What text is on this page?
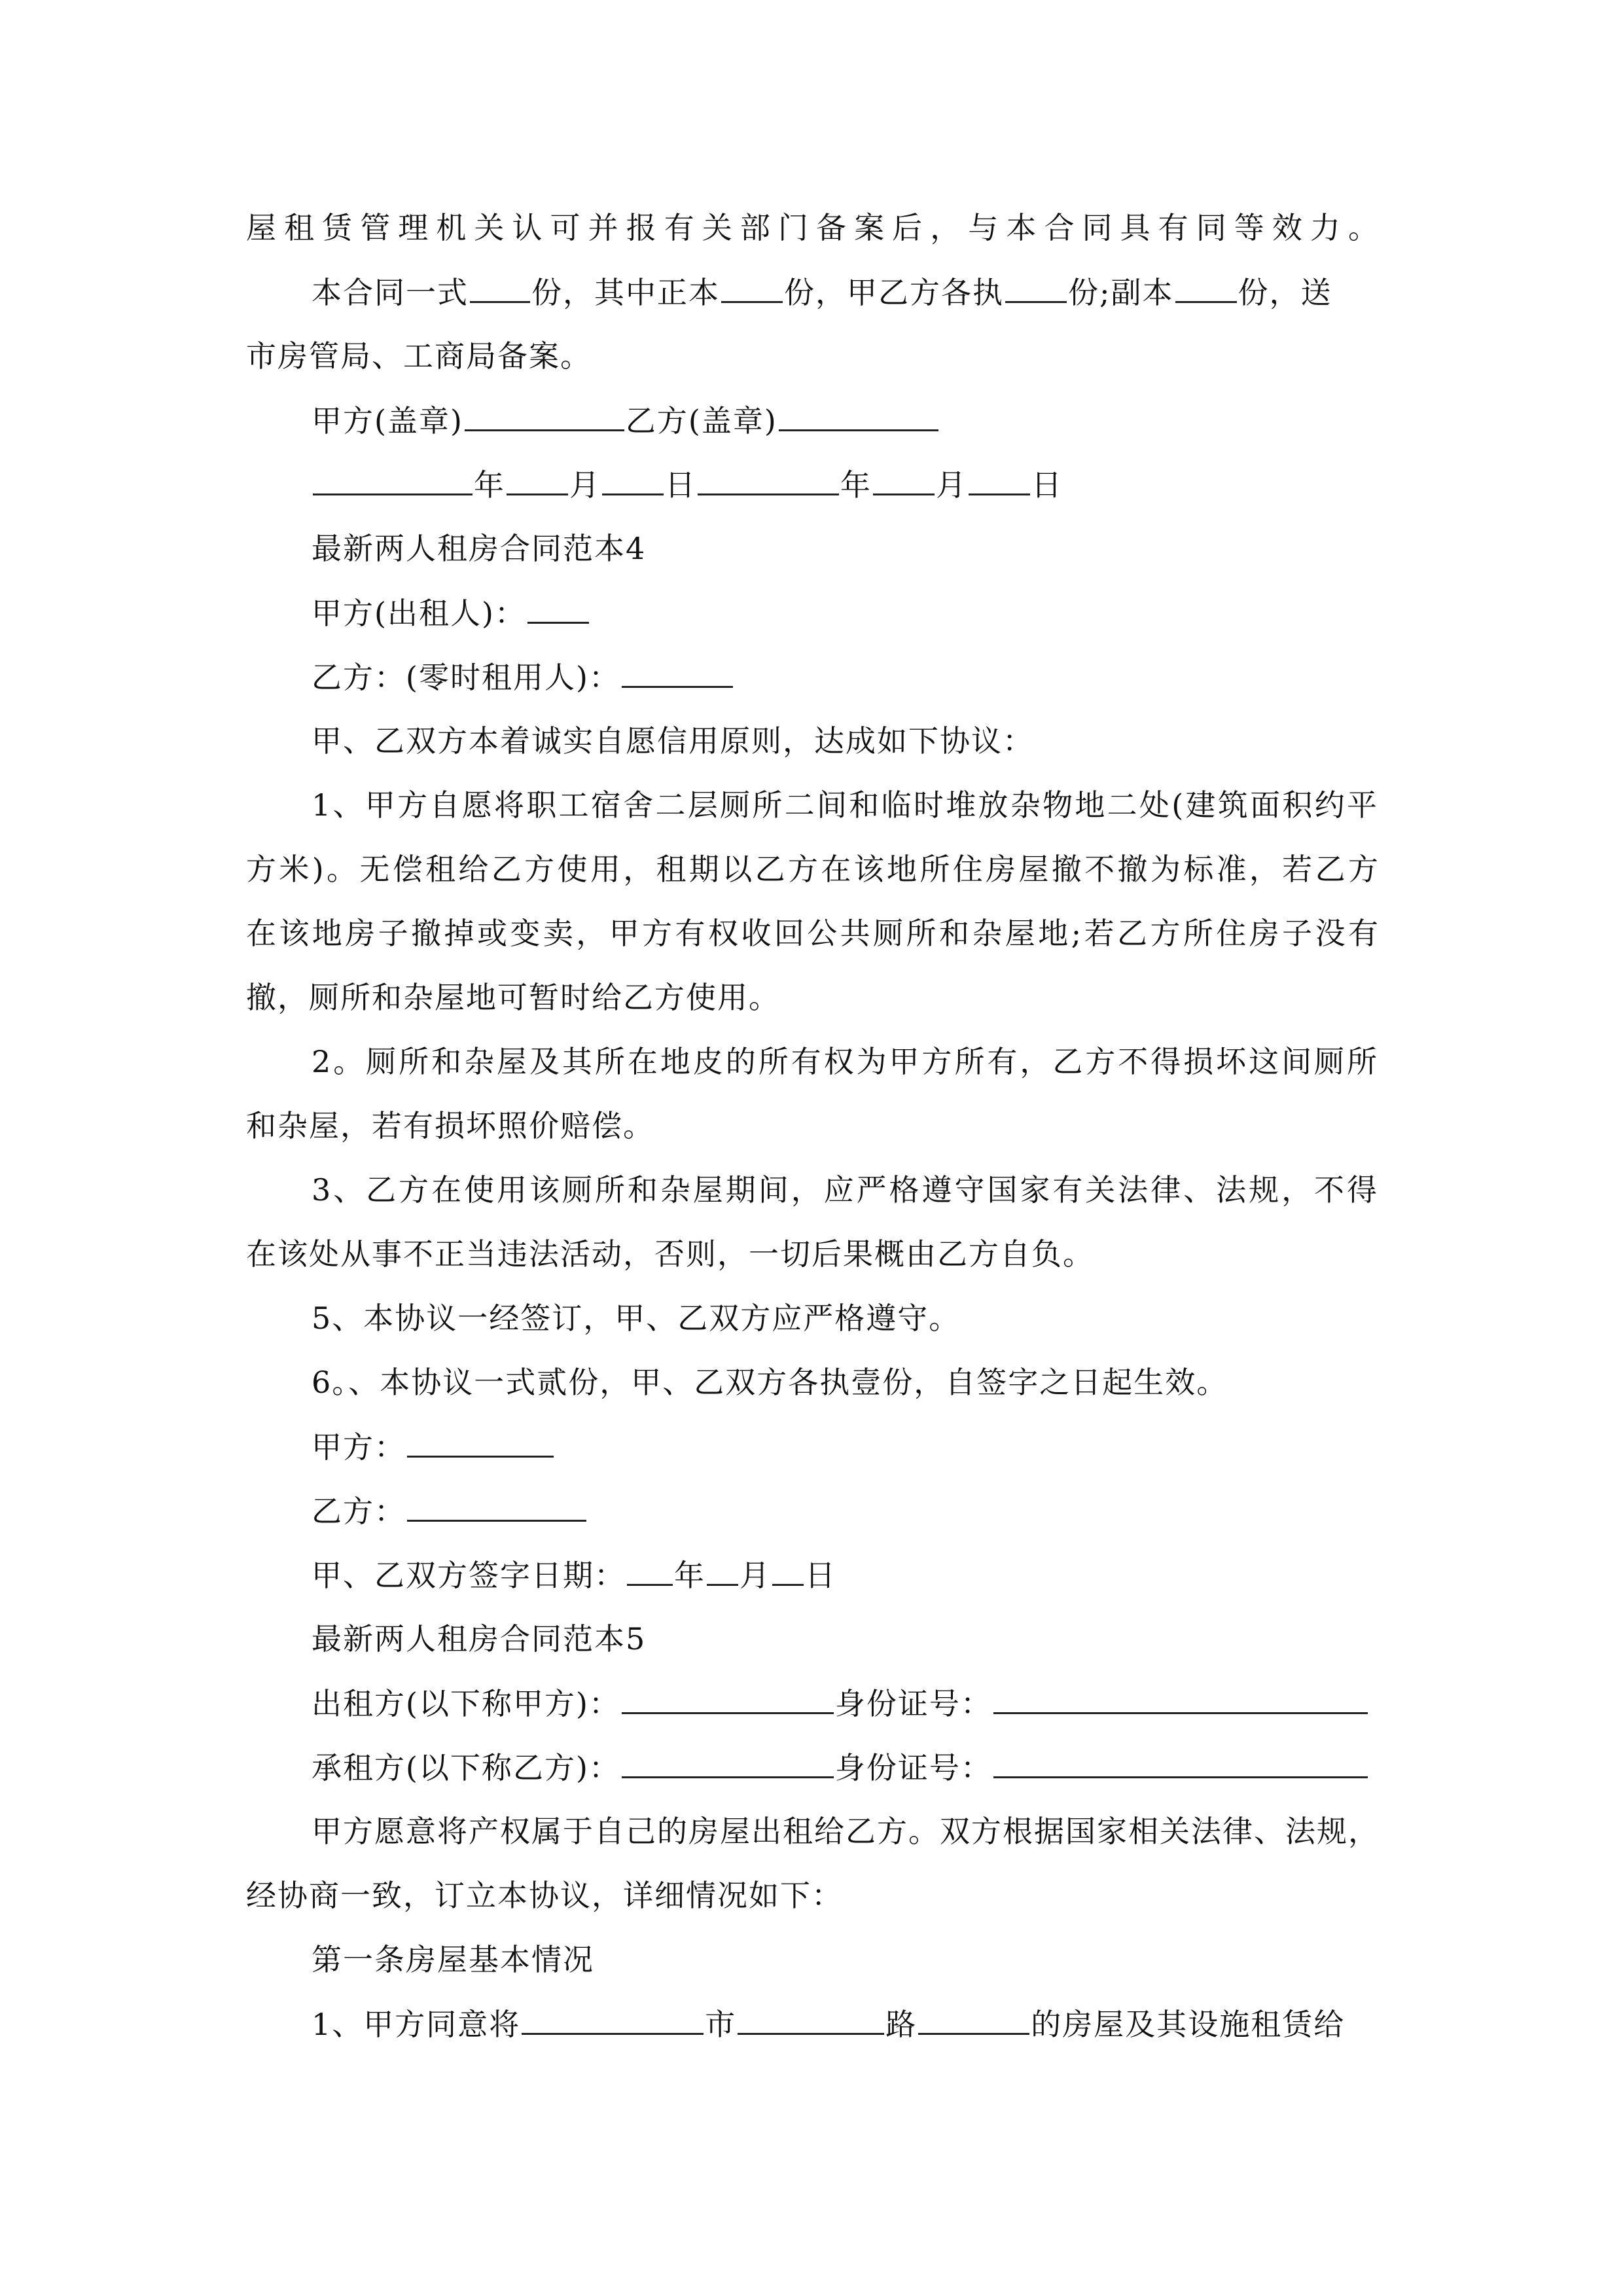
屋租赁管理机关认可并报有关部门备案后，与本合同具有同等效力。
本合同一式 份，其中正本 份，甲乙方各执 份;副本 份，送
市房管局、工商局备案。
甲方(盖章)	乙方(盖章)
年 月 日	年 月 日
最新两人租房合同范本4
甲方(出租人)：
乙方：(零时租用人)：
甲、乙双方本着诚实自愿信用原则，达成如下协议：
1、甲方自愿将职工宿舍二层厕所二间和临时堆放杂物地二处(建筑面积约平
方米)。无偿租给乙方使用，租期以乙方在该地所住房屋撤不撤为标准，若乙方
在该地房子撤掉或变卖，甲方有权收回公共厕所和杂屋地;若乙方所住房子没有
撤，厕所和杂屋地可暂时给乙方使用。
2。厕所和杂屋及其所在地皮的所有权为甲方所有，乙方不得损坏这间厕所
和杂屋，若有损坏照价赔偿。
3、乙方在使用该厕所和杂屋期间，应严格遵守国家有关法律、法规，不得
在该处从事不正当违法活动，否则，一切后果概由乙方自负。
5、本协议一经签订，甲、乙双方应严格遵守。
6。、本协议一式贰份，甲、乙双方各执壹份，自签字之日起生效。
甲方：
乙方：
甲、乙双方签字日期： 年 月 日
最新两人租房合同范本5
出租方(以下称甲方)：	身份证号：
承租方(以下称乙方)：	身份证号：
甲方愿意将产权属于自己的房屋出租给乙方。双方根据国家相关法律、法规，
经协商一致，订立本协议，详细情况如下：
第一条房屋基本情况
1、甲方同意将	市	路	的房屋及其设施租赁给
